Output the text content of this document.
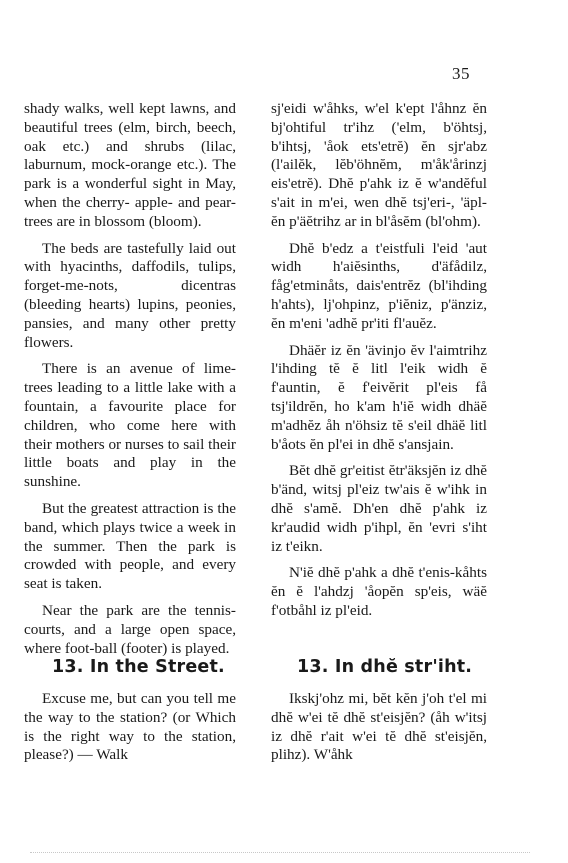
35

shady walks, well kept lawns, and beautiful trees (elm, birch, beech, oak etc.) and shrubs (lilac, laburnum, mock-orange etc.). The park is a wonderful sight in May, when the cherry- apple- and pear-trees are in blossom (bloom).

The beds are tastefully laid out with hyacinths, daffodils, tulips, forget-me-nots, dicentras (bleeding hearts) lupins, peonies, pansies, and many other pretty flowers.

There is an avenue of lime-trees leading to a little lake with a fountain, a favourite place for children, who come here with their mothers or nurses to sail their little boats and play in the sunshine.

But the greatest attraction is the band, which plays twice a week in the summer. Then the park is crowded with people, and every seat is taken.

Near the park are the tennis-courts, and a large open space, where foot-ball (footer) is played.

sj'eidi w'åhks, w'el k'ept l'åhnz ĕn bj'ohtiful tr'ihz ('elm, b'öhtsj, b'ihtsj, 'åok ets'etrĕ) ĕn sjr'abz (l'ailĕk, lĕb'öhnĕm, m'åk'årinzj eis'etrĕ). Dhĕ p'ahk iz ĕ w'andĕful s'ait in m'ei, wen dhĕ tsj'eri-, 'äpl- ĕn p'äĕtrihz ar in bl'åsĕm (bl'ohm).

Dhĕ b'edz a t'eistfuli l'eid 'aut widh h'aiĕsinths, d'äfådilz, fåg'etminåts, dais'entrĕz (bl'ihding h'ahts), lj'ohpinz, p'iĕniz, p'änziz, ĕn m'eni 'adhĕ pr'iti fl'auĕz.

Dhäĕr iz ĕn 'ävinjo ĕv l'aimtrihz l'ihding tĕ ĕ litl l'eik widh ĕ f'auntin, ĕ f'eivĕrit pl'eis få tsj'ildrĕn, ho k'am h'iĕ widh dhäĕ m'adhĕz åh n'öhsiz tĕ s'eil dhäĕ litl b'åots ĕn pl'ei in dhĕ s'ansjain.

Bĕt dhĕ gr'eitist ĕtr'äksjĕn iz dhĕ b'änd, witsj pl'eiz tw'ais ĕ w'ihk in dhĕ s'amĕ. Dh'en dhĕ p'ahk iz kr'audid widh p'ihpl, ĕn 'evri s'iht iz t'eikn.

N'iĕ dhĕ p'ahk a dhĕ t'enis-kåhts ĕn ĕ l'ahdzj 'åopĕn sp'eis, wäĕ f'otbåhl iz pl'eid.

13. In the Street.	13. In dhĕ str'iht.

Excuse me, but can you tell me the way to the station? (or Which is the right way to the station, please?) — Walk

Ikskj'ohz mi, bĕt kĕn j'oh t'el mi dhĕ w'ei tĕ dhĕ st'eisjĕn? (åh w'itsj iz dhĕ r'ait w'ei tĕ dhĕ st'eisjĕn, plihz). W'åhk
